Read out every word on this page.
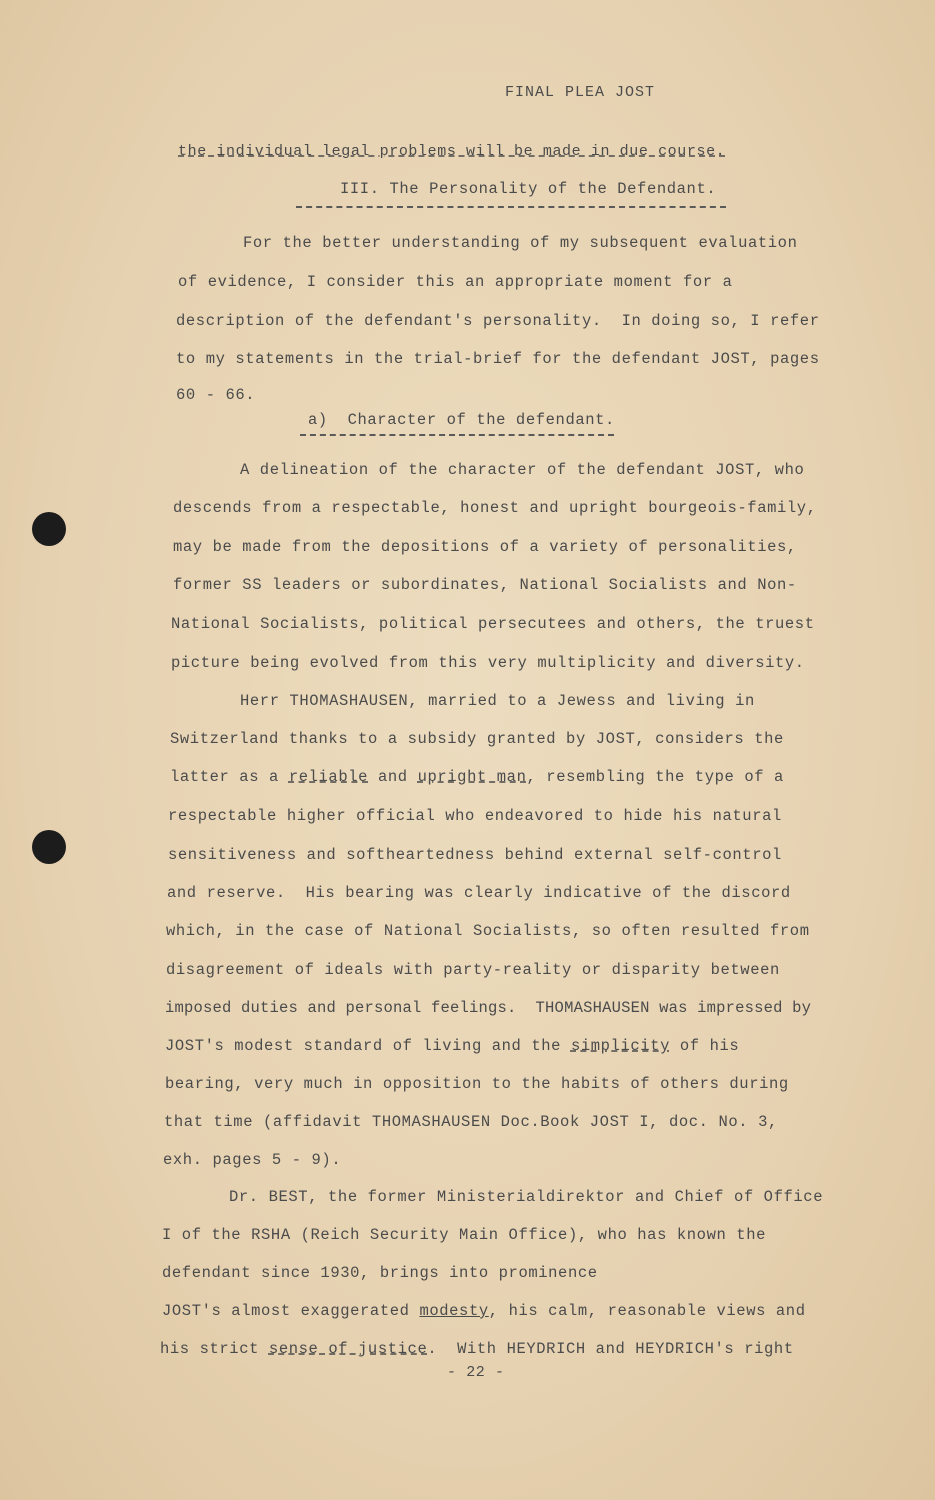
FINAL PLEA JOST
the individual legal problems will be made in due course.
III. The Personality of the Defendant.
For the better understanding of my subsequent evaluation
of evidence, I consider this an appropriate moment for a
description of the defendant's personality.  In doing so, I refer
to my statements in the trial-brief for the defendant JOST, pages
60 - 66.
a)  Character of the defendant.
A delineation of the character of the defendant JOST, who
descends from a respectable, honest and upright bourgeois-family,
may be made from the depositions of a variety of personalities,
former SS leaders or subordinates, National Socialists and Non-
National Socialists, political persecutees and others, the truest
picture being evolved from this very multiplicity and diversity.
Herr THOMASHAUSEN, married to a Jewess and living in
Switzerland thanks to a subsidy granted by JOST, considers the
latter as a reliable and upright man, resembling the type of a
respectable higher official who endeavored to hide his natural
sensitiveness and softheartedness behind external self-control
and reserve.  His bearing was clearly indicative of the discord
which, in the case of National Socialists, so often resulted from
disagreement of ideals with party-reality or disparity between
imposed duties and personal feelings.  THOMASHAUSEN was impressed by
JOST's modest standard of living and the simplicity of his
bearing, very much in opposition to the habits of others during
that time (affidavit THOMASHAUSEN Doc.Book JOST I, doc. No. 3,
exh. pages 5 - 9).
Dr. BEST, the former Ministerialdirektor and Chief of Office
I of the RSHA (Reich Security Main Office), who has known the
defendant since 1930, brings into prominence
JOST's almost exaggerated modesty, his calm, reasonable views and
his strict sense of justice.  With HEYDRICH and HEYDRICH's right
- 22 -
